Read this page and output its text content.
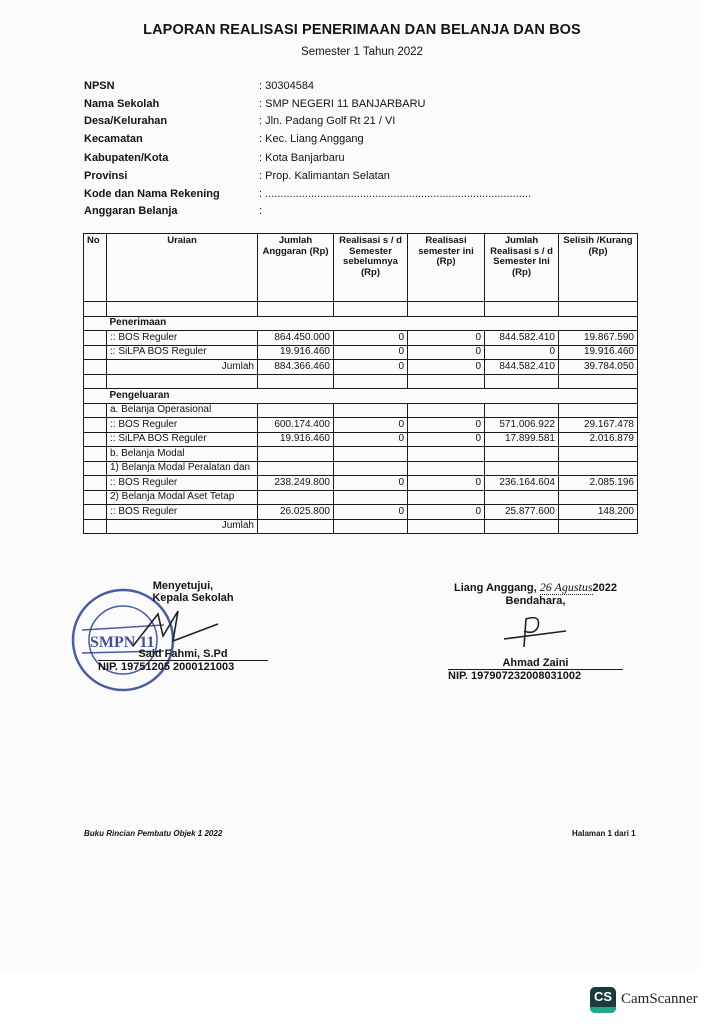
LAPORAN REALISASI PENERIMAAN DAN BELANJA DAN BOS
Semester 1 Tahun 2022
NPSN	: 30304584
Nama Sekolah	: SMP NEGERI 11 BANJARBARU
Desa/Kelurahan	: Jln. Padang Golf Rt 21 / VI
Kecamatan	: Kec. Liang Anggang
Kabupaten/Kota	: Kota Banjarbaru
Provinsi	: Prop. Kalimantan Selatan
Kode dan Nama Rekening	: .......................................................................................
Anggaran Belanja	:
No	Uraian	Jumlah Anggaran (Rp)	Realisasi s / d Semester sebelumnya (Rp)	Realisasi semester ini (Rp)	Jumlah Realisasi s / d Semester Ini (Rp)	Selisih /Kurang (Rp)

	Penerimaan					
	:: BOS Reguler	864.450.000	0	0	844.582.410	19.867.590
	:: SiLPA BOS Reguler	19.916.460	0	0	0	19.916.460
	Jumlah	884.366.460	0	0	844.582.410	39.784.050

	Pengeluaran					
	a. Belanja Operasional					
	:: BOS Reguler	600.174.400	0	0	571.006.922	29.167.478
	:: SiLPA BOS Reguler	19.916.460	0	0	17.899.581	2.016.879
	b. Belanja Modal					
	1) Belanja Modal Peralatan dan					
	:: BOS Reguler	238.249.800	0	0	236.164.604	2.085.196
	2) Belanja Modal Aset Tetap					
	:: BOS Reguler	26.025.800	0	0	25.877.600	148.200
	Jumlah					
SMPN 11
Menyetujui,
Kepala Sekolah
Said Fahmi, S.Pd
NIP. 19751205 2000121003
Liang Anggang, 26 Agustus2022
Bendahara,
Ahmad Zaini
NIP. 197907232008031002
Buku Rincian Pembatu Objek 1 2022	Halaman 1 dari 1
CS CamScanner
